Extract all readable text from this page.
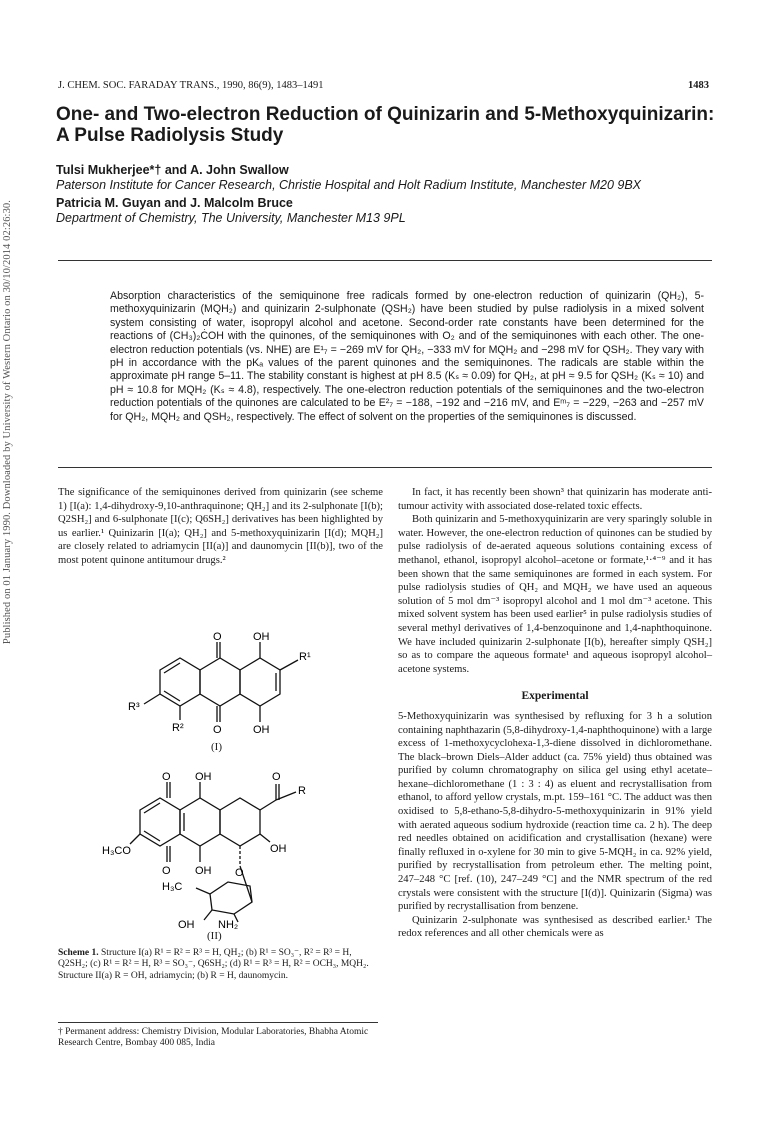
Published on 01 January 1990. Downloaded by University of Western Ontario on 30/10/2014 02:26:30.
J. CHEM. SOC. FARADAY TRANS., 1990, 86(9), 1483–1491	1483
One- and Two-electron Reduction of Quinizarin and 5-Methoxyquinizarin: A Pulse Radiolysis Study
Tulsi Mukherjee*† and A. John Swallow
Paterson Institute for Cancer Research, Christie Hospital and Holt Radium Institute, Manchester M20 9BX
Patricia M. Guyan and J. Malcolm Bruce
Department of Chemistry, The University, Manchester M13 9PL
Absorption characteristics of the semiquinone free radicals formed by one-electron reduction of quinizarin (QH₂), 5-methoxyquinizarin (MQH₂) and quinizarin 2-sulphonate (QSH₂) have been studied by pulse radiolysis in a mixed solvent system consisting of water, isopropyl alcohol and acetone. Second-order rate constants have been determined for the reactions of (CH₃)₂ĊOH with the quinones, of the semiquinones with O₂ and of the semiquinones with each other. The one-electron reduction potentials (vs. NHE) are E¹₇ = −269 mV for QH₂, −333 mV for MQH₂ and −298 mV for QSH₂. They vary with pH in accordance with the pKₐ values of the parent quinones and the semiquinones. The radicals are stable within the approximate pH range 5–11. The stability constant is highest at pH 8.5 (Kₛ ≈ 0.09) for QH₂, at pH ≈ 9.5 for QSH₂ (Kₛ ≈ 10) and pH ≈ 10.8 for MQH₂ (Kₛ ≈ 4.8), respectively. The one-electron reduction potentials of the semiquinones and the two-electron reduction potentials of the quinones are calculated to be E²₇ = −188, −192 and −216 mV, and Eᵐ₇ = −229, −263 and −257 mV for QH₂, MQH₂ and QSH₂, respectively. The effect of solvent on the properties of the semiquinones is discussed.

The significance of the semiquinones derived from quinizarin (see scheme 1) [I(a): 1,4-dihydroxy-9,10-anthraquinone; QH₂] and its 2-sulphonate [I(b); Q2SH₂] and 6-sulphonate [I(c); Q6SH₂] derivatives has been highlighted by us earlier.¹ Quinizarin [I(a); QH₂] and 5-methoxyquinizarin [I(d); MQH₂] are closely related to adriamycin [II(a)] and daunomycin [II(b)], two of the most potent quinone antitumour drugs.²

O	OH
R¹
R³
R²	O	OH
(I)
O OH	O
R
OH
H₃CO
O OH O
H₃C
OH NH₂
(II)
Scheme 1. Structure I(a) R¹ = R² = R³ = H, QH₂; (b) R¹ = SO₃⁻, R² = R³ = H, Q2SH₂; (c) R¹ = R² = H, R³ = SO₃⁻, Q6SH₂; (d) R¹ = R³ = H, R² = OCH₃, MQH₂. Structure II(a) R = OH, adriamycin; (b) R = H, daunomycin.
† Permanent address: Chemistry Division, Modular Laboratories, Bhabha Atomic Research Centre, Bombay 400 085, India

In fact, it has recently been shown³ that quinizarin has moderate anti-tumour activity with associated dose-related toxic effects.

Both quinizarin and 5-methoxyquinizarin are very sparingly soluble in water. However, the one-electron reduction of quinones can be studied by pulse radiolysis of de-aerated aqueous solutions containing excess of methanol, ethanol, isopropyl alcohol–acetone or formate,¹·⁴⁻⁹ and it has been shown that the same semiquinones are formed in each system. For pulse radiolysis studies of QH₂ and MQH₂ we have used an aqueous solution of 5 mol dm⁻³ isopropyl alcohol and 1 mol dm⁻³ acetone. This mixed solvent system has been used earlier⁵ in pulse radiolysis studies of several methyl derivatives of 1,4-benzoquinone and 1,4-naphthoquinone. We have included quinizarin 2-sulphonate [I(b), hereafter simply QSH₂] so as to compare the aqueous formate¹ and aqueous isopropyl alcohol–acetone systems.

Experimental

5-Methoxyquinizarin was synthesised by refluxing for 3 h a solution containing naphthazarin (5,8-dihydroxy-1,4-naphthoquinone) with a large excess of 1-methoxycyclohexa-1,3-diene dissolved in dichloromethane. The black–brown Diels–Alder adduct (ca. 75% yield) thus obtained was purified by column chromatography on silica gel using ethyl acetate–hexane–dichloromethane (1 : 3 : 4) as eluent and recrystallisation from ethanol, to afford yellow crystals, m.pt. 159–161 °C. The adduct was then oxidised to 5,8-ethano-5,8-dihydro-5-methoxyquinizarin in 91% yield with aerated aqueous sodium hydroxide (reaction time ca. 2 h). The deep red needles obtained on acidification and crystallisation (hexane) were finally refluxed in o-xylene for 30 min to give 5-MQH₂ in ca. 92% yield, purified by recrystallisation from petroleum ether. The melting point, 247–248 °C [ref. (10), 247–249 °C] and the NMR spectrum of the red crystals were consistent with the structure [I(d)]. Quinizarin (Sigma) was purified by recrystallisation from benzene.

Quinizarin 2-sulphonate was synthesised as described earlier.¹ The redox references and all other chemicals were as
